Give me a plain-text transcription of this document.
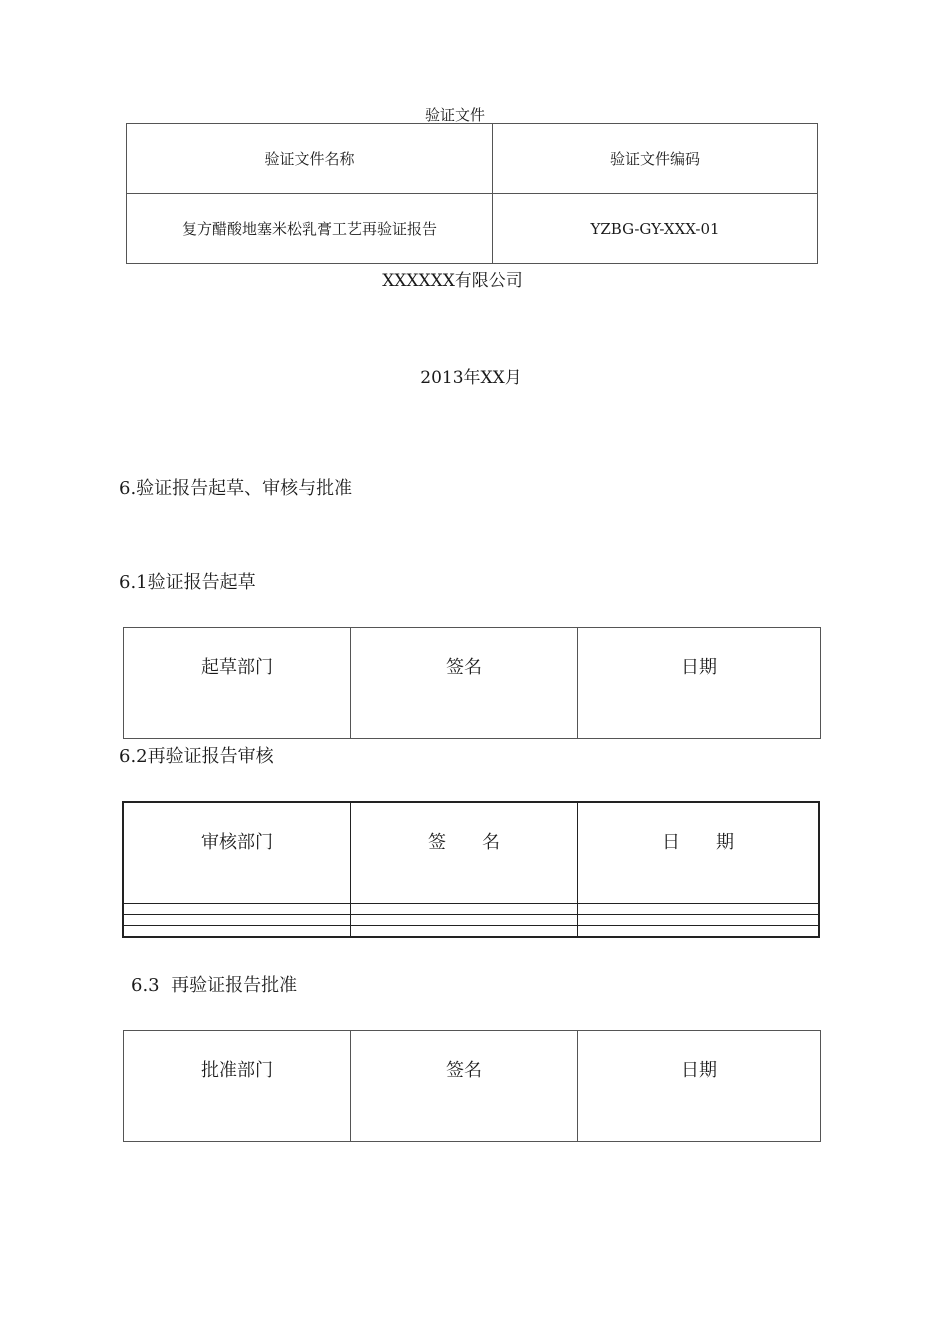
验证文件
验证文件名称	验证文件编码
复方醋酸地塞米松乳膏工艺再验证报告	YZBG-GY-XXX-01
XXXXXX有限公司
2013年XX月
6.验证报告起草、审核与批准
6.1验证报告起草
起草部门	签名	日期
6.2再验证报告审核
审核部门	签　　名	日　　期

6.3  再验证报告批准
批准部门	签名	日期
